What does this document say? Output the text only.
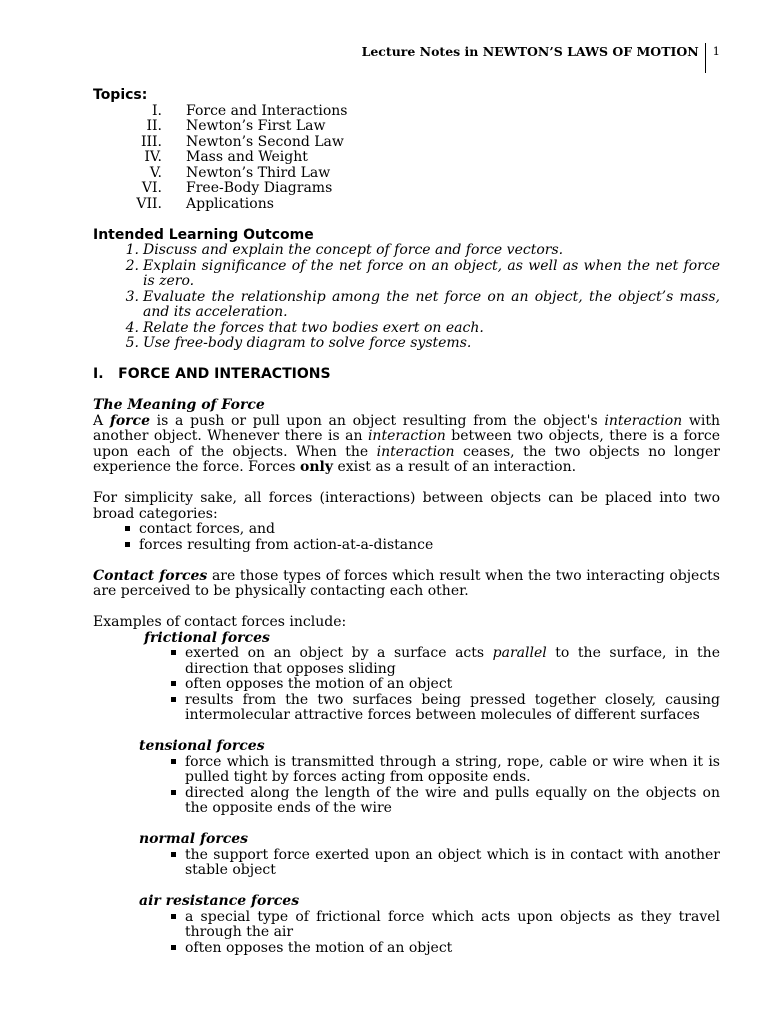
Lecture Notes in NEWTON’S LAWS OF MOTION	1
Topics:
I. Force and Interactions
II. Newton’s First Law
III. Newton’s Second Law
IV. Mass and Weight
V. Newton’s Third Law
VI. Free-Body Diagrams
VII. Applications
Intended Learning Outcome
1. Discuss and explain the concept of force and force vectors.
2. Explain significance of the net force on an object, as well as when the net force is zero.
3. Evaluate the relationship among the net force on an object, the object’s mass, and its acceleration.
4. Relate the forces that two bodies exert on each.
5. Use free-body diagram to solve force systems.
I.   FORCE AND INTERACTIONS
The Meaning of Force

A force is a push or pull upon an object resulting from the object's interaction with another object. Whenever there is an interaction between two objects, there is a force upon each of the objects. When the interaction ceases, the two objects no longer experience the force. Forces only exist as a result of an interaction.

For simplicity sake, all forces (interactions) between objects can be placed into two broad categories:

contact forces, and
forces resulting from action-at-a-distance

Contact forces are those types of forces which result when the two interacting objects are perceived to be physically contacting each other.

Examples of contact forces include:
frictional forces
exerted on an object by a surface acts parallel to the surface, in the direction that opposes sliding
often opposes the motion of an object
results from the two surfaces being pressed together closely, causing intermolecular attractive forces between molecules of different surfaces
tensional forces
force which is transmitted through a string, rope, cable or wire when it is pulled tight by forces acting from opposite ends.
directed along the length of the wire and pulls equally on the objects on the opposite ends of the wire
normal forces
the support force exerted upon an object which is in contact with another stable object
air resistance forces
a special type of frictional force which acts upon objects as they travel through the air
often opposes the motion of an object
